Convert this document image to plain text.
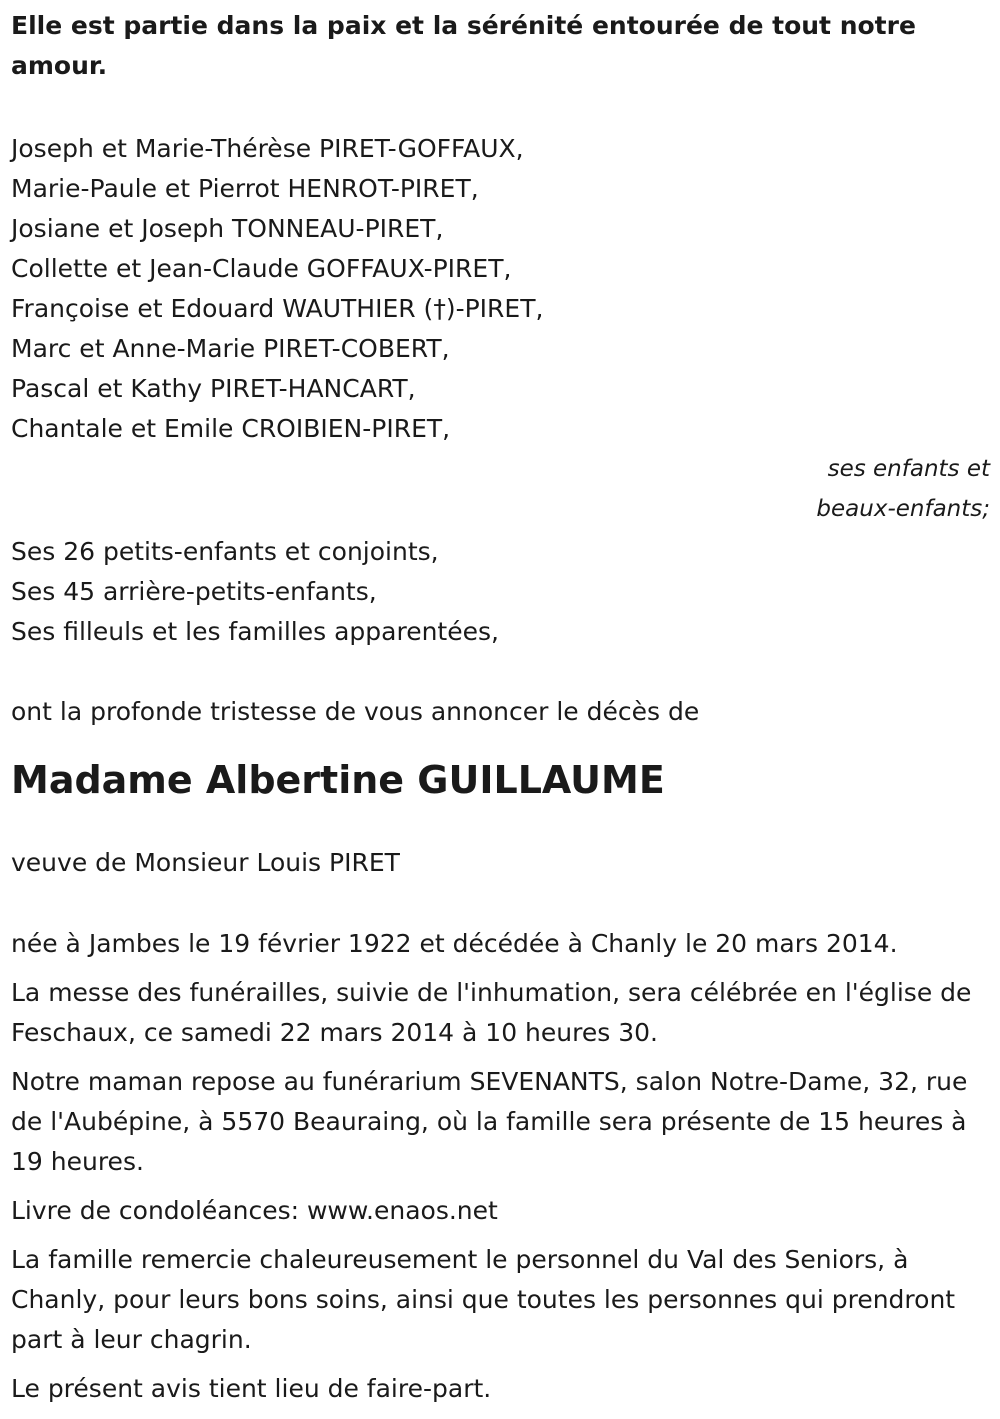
Elle est partie dans la paix et la sérénité entourée de tout notre amour.

Joseph et Marie-Thérèse PIRET-GOFFAUX,
Marie-Paule et Pierrot HENROT-PIRET,
Josiane et Joseph TONNEAU-PIRET,
Collette et Jean-Claude GOFFAUX-PIRET,
Françoise et Edouard WAUTHIER (†)-PIRET,
Marc et Anne-Marie PIRET-COBERT,
Pascal et Kathy PIRET-HANCART,
Chantale et Emile CROIBIEN-PIRET,

ses enfants et
beaux-enfants;

Ses 26 petits-enfants et conjoints,
Ses 45 arrière-petits-enfants,
Ses filleuls et les familles apparentées,

ont la profonde tristesse de vous annoncer le décès de

Madame Albertine GUILLAUME

veuve de Monsieur Louis PIRET

née à Jambes le 19 février 1922 et décédée à Chanly le 20 mars 2014.

La messe des funérailles, suivie de l'inhumation, sera célébrée en l'église de Feschaux, ce samedi 22 mars 2014 à 10 heures 30.

Notre maman repose au funérarium SEVENANTS, salon Notre-Dame, 32, rue de l'Aubépine, à 5570 Beauraing, où la famille sera présente de 15 heures à 19 heures.

Livre de condoléances: www.enaos.net

La famille remercie chaleureusement le personnel du Val des Seniors, à Chanly, pour leurs bons soins, ainsi que toutes les personnes qui prendront part à leur chagrin.

Le présent avis tient lieu de faire-part.
